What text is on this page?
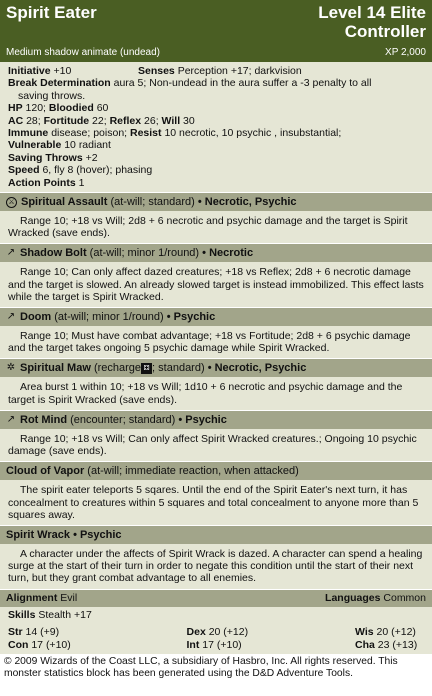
Spirit Eater	Level 14 Elite
Controller
Medium shadow animate (undead)	XP 2,000
Initiative +10	Senses Perception +17; darkvision
Break Determination aura 5; Non-undead in the aura suffer a -3 penalty to all
saving throws.
HP 120; Bloodied 60
AC 28; Fortitude 22; Reflex 26; Will 30
Immune disease; poison; Resist 10 necrotic, 10 psychic , insubstantial;
Vulnerable 10 radiant
Saving Throws +2
Speed 6, fly 8 (hover); phasing
Action Points 1
⚔ Spiritual Assault
(at-will; standard)
• Necrotic, Psychic
Range 10; +18 vs Will; 2d8 + 6 necrotic and psychic damage and the target is Spirit Wracked (save ends).
↗ Shadow Bolt
(at-will; minor 1/round)
• Necrotic
Range 10; Can only affect dazed creatures; +18 vs Reflex; 2d8 + 6 necrotic damage and the target is slowed. An already slowed target is instead immobilized. This effect lasts while the target is Spirit Wracked.
↗ Doom
(at-will; minor 1/round)
• Psychic
Range 10; Must have combat advantage; +18 vs Fortitude; 2d8 + 6 psychic damage and the target takes ongoing 5 psychic damage while Spirit Wracked.
✲ Spiritual Maw
(recharge ⚃ ; standard)
• Necrotic, Psychic
Area burst 1 within 10; +18 vs Will; 1d10 + 6 necrotic and psychic damage and the target is Spirit Wracked (save ends).
↗ Rot Mind
(encounter; standard)
• Psychic
Range 10; +18 vs Will; Can only affect Spirit Wracked creatures.; Ongoing 10 psychic damage (save ends).
Cloud of Vapor
(at-will; immediate reaction, when attacked)
The spirit eater teleports 5 sqares. Until the end of the Spirit Eater's next turn, it has concealment to creatures within 5 squares and total concealment to anyone more than 5 squares away.
Spirit Wrack
• Psychic
A character under the affects of Spirit Wrack is dazed. A character can spend a healing surge at the start of their turn in order to negate this condition until the start of their next turn, but they grant combat advantage to all enemies.
Alignment Evil	Languages Common
Skills Stealth +17
Str 14 (+9)	Dex 20 (+12)	Wis 20 (+12)
Con 17 (+10)	Int 17 (+10)	Cha 23 (+13)
© 2009 Wizards of the Coast LLC, a subsidiary of Hasbro, Inc. All rights reserved. This monster statistics block has been generated using the D&D Adventure Tools.
